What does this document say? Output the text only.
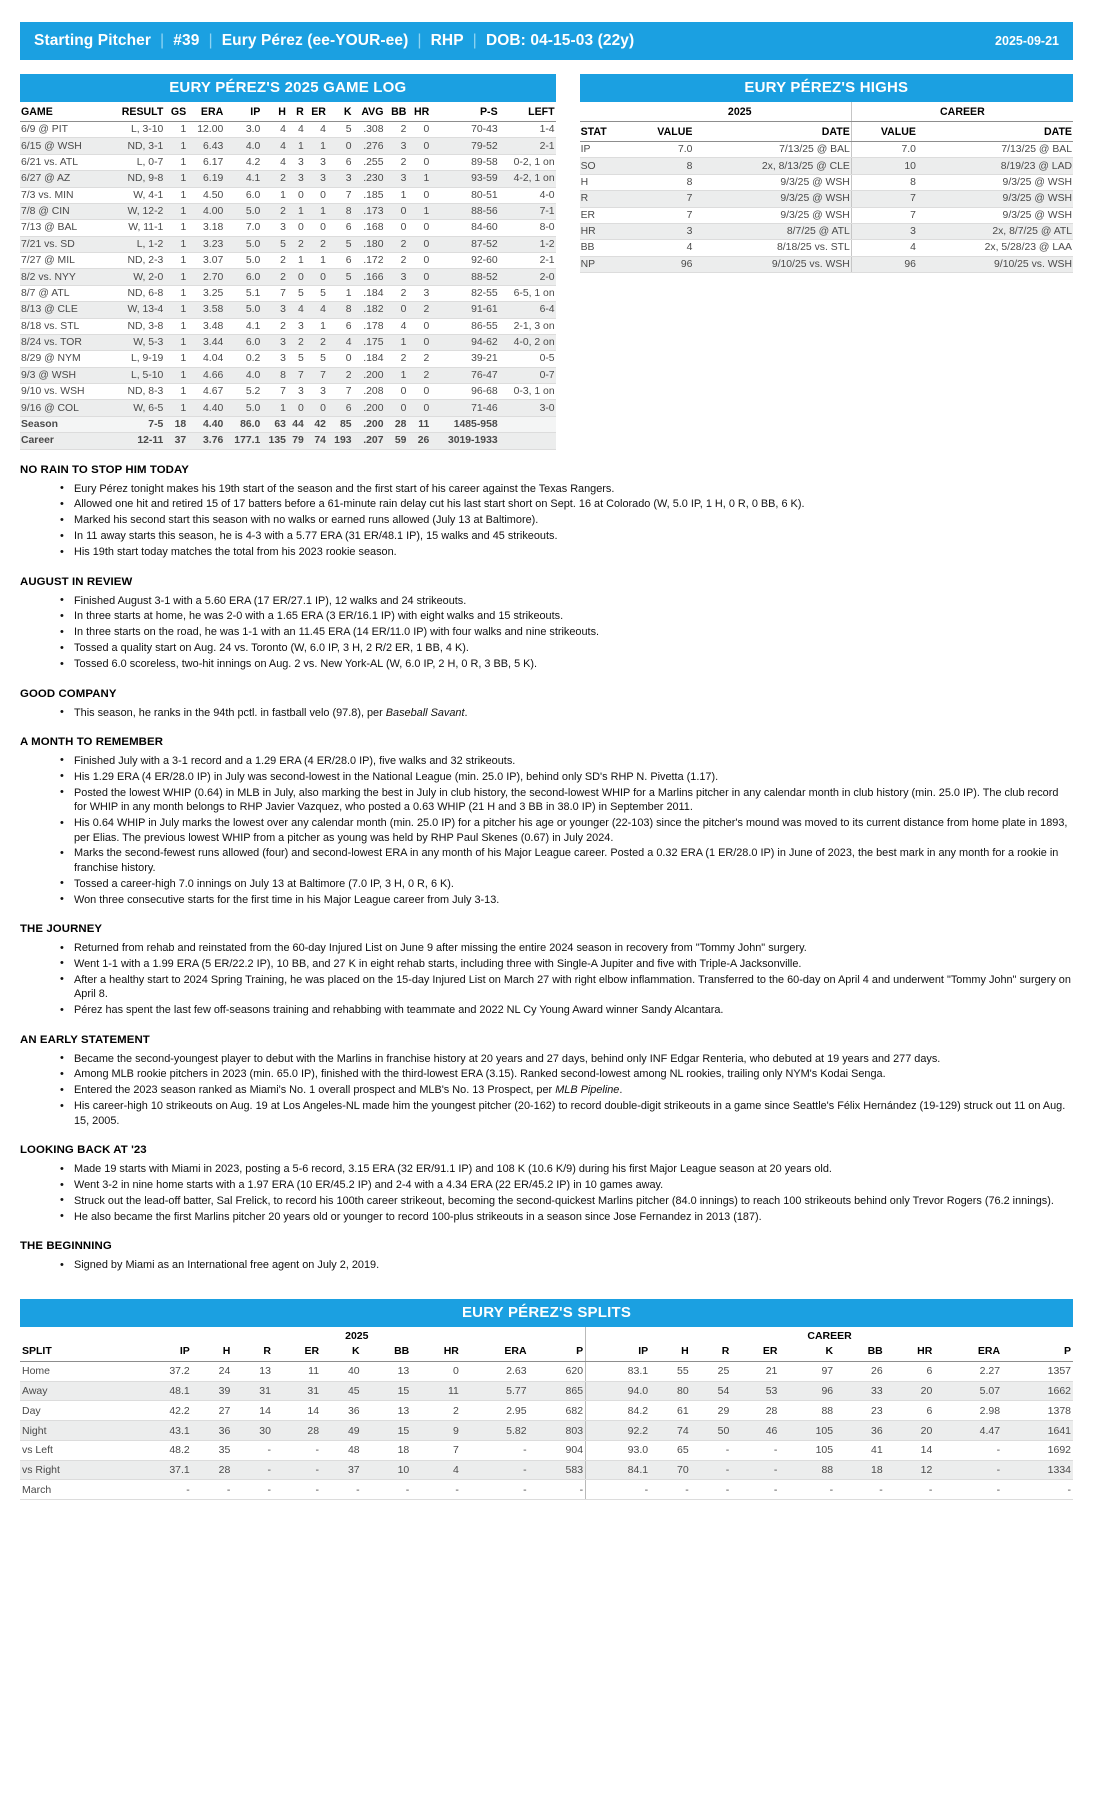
Starting Pitcher | #39 | Eury Pérez (ee-YOUR-ee) | RHP | DOB: 04-15-03 (22y)	2025-09-21
EURY PÉREZ'S 2025 GAME LOG
GAME	RESULT	GS	ERA	IP	H	R	ER	K	AVG	BB	HR	P-S	LEFT
6/9 @ PIT	L, 3-10	1	12.00	3.0	4	4	4	5	.308	2	0	70-43	1-4
6/15 @ WSH	ND, 3-1	1	6.43	4.0	4	1	1	0	.276	3	0	79-52	2-1
6/21 vs. ATL	L, 0-7	1	6.17	4.2	4	3	3	6	.255	2	0	89-58	0-2, 1 on
6/27 @ AZ	ND, 9-8	1	6.19	4.1	2	3	3	3	.230	3	1	93-59	4-2, 1 on
7/3 vs. MIN	W, 4-1	1	4.50	6.0	1	0	0	7	.185	1	0	80-51	4-0
7/8 @ CIN	W, 12-2	1	4.00	5.0	2	1	1	8	.173	0	1	88-56	7-1
7/13 @ BAL	W, 11-1	1	3.18	7.0	3	0	0	6	.168	0	0	84-60	8-0
7/21 vs. SD	L, 1-2	1	3.23	5.0	5	2	2	5	.180	2	0	87-52	1-2
7/27 @ MIL	ND, 2-3	1	3.07	5.0	2	1	1	6	.172	2	0	92-60	2-1
8/2 vs. NYY	W, 2-0	1	2.70	6.0	2	0	0	5	.166	3	0	88-52	2-0
8/7 @ ATL	ND, 6-8	1	3.25	5.1	7	5	5	1	.184	2	3	82-55	6-5, 1 on
8/13 @ CLE	W, 13-4	1	3.58	5.0	3	4	4	8	.182	0	2	91-61	6-4
8/18 vs. STL	ND, 3-8	1	3.48	4.1	2	3	1	6	.178	4	0	86-55	2-1, 3 on
8/24 vs. TOR	W, 5-3	1	3.44	6.0	3	2	2	4	.175	1	0	94-62	4-0, 2 on
8/29 @ NYM	L, 9-19	1	4.04	0.2	3	5	5	0	.184	2	2	39-21	0-5
9/3 @ WSH	L, 5-10	1	4.66	4.0	8	7	7	2	.200	1	2	76-47	0-7
9/10 vs. WSH	ND, 8-3	1	4.67	5.2	7	3	3	7	.208	0	0	96-68	0-3, 1 on
9/16 @ COL	W, 6-5	1	4.40	5.0	1	0	0	6	.200	0	0	71-46	3-0
Season	7-5	18	4.40	86.0	63	44	42	85	.200	28	11	1485-958	
Career	12-11	37	3.76	177.1	135	79	74	193	.207	59	26	3019-1933	
EURY PÉREZ'S HIGHS
	2025		CAREER	
STAT	VALUE	DATE	VALUE	DATE
IP	7.0	7/13/25 @ BAL	7.0	7/13/25 @ BAL
SO	8	2x, 8/13/25 @ CLE	10	8/19/23 @ LAD
H	8	9/3/25 @ WSH	8	9/3/25 @ WSH
R	7	9/3/25 @ WSH	7	9/3/25 @ WSH
ER	7	9/3/25 @ WSH	7	9/3/25 @ WSH
HR	3	8/7/25 @ ATL	3	2x, 8/7/25 @ ATL
BB	4	8/18/25 vs. STL	4	2x, 5/28/23 @ LAA
NP	96	9/10/25 vs. WSH	96	9/10/25 vs. WSH
NO RAIN TO STOP HIM TODAY
• Eury Pérez tonight makes his 19th start of the season and the first start of his career against the Texas Rangers.
• Allowed one hit and retired 15 of 17 batters before a 61-minute rain delay cut his last start short on Sept. 16 at Colorado (W, 5.0 IP, 1 H, 0 R, 0 BB, 6 K).
• Marked his second start this season with no walks or earned runs allowed (July 13 at Baltimore).
• In 11 away starts this season, he is 4-3 with a 5.77 ERA (31 ER/48.1 IP), 15 walks and 45 strikeouts.
• His 19th start today matches the total from his 2023 rookie season.
AUGUST IN REVIEW
• Finished August 3-1 with a 5.60 ERA (17 ER/27.1 IP), 12 walks and 24 strikeouts.
• In three starts at home, he was 2-0 with a 1.65 ERA (3 ER/16.1 IP) with eight walks and 15 strikeouts.
• In three starts on the road, he was 1-1 with an 11.45 ERA (14 ER/11.0 IP) with four walks and nine strikeouts.
• Tossed a quality start on Aug. 24 vs. Toronto (W, 6.0 IP, 3 H, 2 R/2 ER, 1 BB, 4 K).
• Tossed 6.0 scoreless, two-hit innings on Aug. 2 vs. New York-AL (W, 6.0 IP, 2 H, 0 R, 3 BB, 5 K).
GOOD COMPANY
• This season, he ranks in the 94th pctl. in fastball velo (97.8), per Baseball Savant.
A MONTH TO REMEMBER
• Finished July with a 3-1 record and a 1.29 ERA (4 ER/28.0 IP), five walks and 32 strikeouts.
• His 1.29 ERA (4 ER/28.0 IP) in July was second-lowest in the National League (min. 25.0 IP), behind only SD's RHP N. Pivetta (1.17).
• Posted the lowest WHIP (0.64) in MLB in July, also marking the best in July in club history, the second-lowest WHIP for a Marlins pitcher in any calendar month in club history (min. 25.0 IP). The club record for WHIP in any month belongs to RHP Javier Vazquez, who posted a 0.63 WHIP (21 H and 3 BB in 38.0 IP) in September 2011.
• His 0.64 WHIP in July marks the lowest over any calendar month (min. 25.0 IP) for a pitcher his age or younger (22-103) since the pitcher's mound was moved to its current distance from home plate in 1893, per Elias. The previous lowest WHIP from a pitcher as young was held by RHP Paul Skenes (0.67) in July 2024.
• Marks the second-fewest runs allowed (four) and second-lowest ERA in any month of his Major League career. Posted a 0.32 ERA (1 ER/28.0 IP) in June of 2023, the best mark in any month for a rookie in franchise history.
• Tossed a career-high 7.0 innings on July 13 at Baltimore (7.0 IP, 3 H, 0 R, 6 K).
• Won three consecutive starts for the first time in his Major League career from July 3-13.
THE JOURNEY
• Returned from rehab and reinstated from the 60-day Injured List on June 9 after missing the entire 2024 season in recovery from "Tommy John" surgery.
• Went 1-1 with a 1.99 ERA (5 ER/22.2 IP), 10 BB, and 27 K in eight rehab starts, including three with Single-A Jupiter and five with Triple-A Jacksonville.
• After a healthy start to 2024 Spring Training, he was placed on the 15-day Injured List on March 27 with right elbow inflammation. Transferred to the 60-day on April 4 and underwent "Tommy John" surgery on April 8.
• Pérez has spent the last few off-seasons training and rehabbing with teammate and 2022 NL Cy Young Award winner Sandy Alcantara.
AN EARLY STATEMENT
• Became the second-youngest player to debut with the Marlins in franchise history at 20 years and 27 days, behind only INF Edgar Renteria, who debuted at 19 years and 277 days.
• Among MLB rookie pitchers in 2023 (min. 65.0 IP), finished with the third-lowest ERA (3.15). Ranked second-lowest among NL rookies, trailing only NYM's Kodai Senga.
• Entered the 2023 season ranked as Miami's No. 1 overall prospect and MLB's No. 13 Prospect, per MLB Pipeline.
• His career-high 10 strikeouts on Aug. 19 at Los Angeles-NL made him the youngest pitcher (20-162) to record double-digit strikeouts in a game since Seattle's Félix Hernández (19-129) struck out 11 on Aug. 15, 2005.
LOOKING BACK AT '23
• Made 19 starts with Miami in 2023, posting a 5-6 record, 3.15 ERA (32 ER/91.1 IP) and 108 K (10.6 K/9) during his first Major League season at 20 years old.
• Went 3-2 in nine home starts with a 1.97 ERA (10 ER/45.2 IP) and 2-4 with a 4.34 ERA (22 ER/45.2 IP) in 10 games away.
• Struck out the lead-off batter, Sal Frelick, to record his 100th career strikeout, becoming the second-quickest Marlins pitcher (84.0 innings) to reach 100 strikeouts behind only Trevor Rogers (76.2 innings).
• He also became the first Marlins pitcher 20 years old or younger to record 100-plus strikeouts in a season since Jose Fernandez in 2013 (187).
THE BEGINNING
• Signed by Miami as an International free agent on July 2, 2019.
EURY PÉREZ'S SPLITS
	2025									CAREER								
SPLIT	IP	H	R	ER	K	BB	HR	ERA	P	IP	H	R	ER	K	BB	HR	ERA	P
Home	37.2	24	13	11	40	13	0	2.63	620	83.1	55	25	21	97	26	6	2.27	1357
Away	48.1	39	31	31	45	15	11	5.77	865	94.0	80	54	53	96	33	20	5.07	1662
Day	42.2	27	14	14	36	13	2	2.95	682	84.2	61	29	28	88	23	6	2.98	1378
Night	43.1	36	30	28	49	15	9	5.82	803	92.2	74	50	46	105	36	20	4.47	1641
vs Left	48.2	35	-	-	48	18	7	-	904	93.0	65	-	-	105	41	14	-	1692
vs Right	37.1	28	-	-	37	10	4	-	583	84.1	70	-	-	88	18	12	-	1334
March	-	-	-	-	-	-	-	-	-	-	-	-	-	-	-	-	-	-
